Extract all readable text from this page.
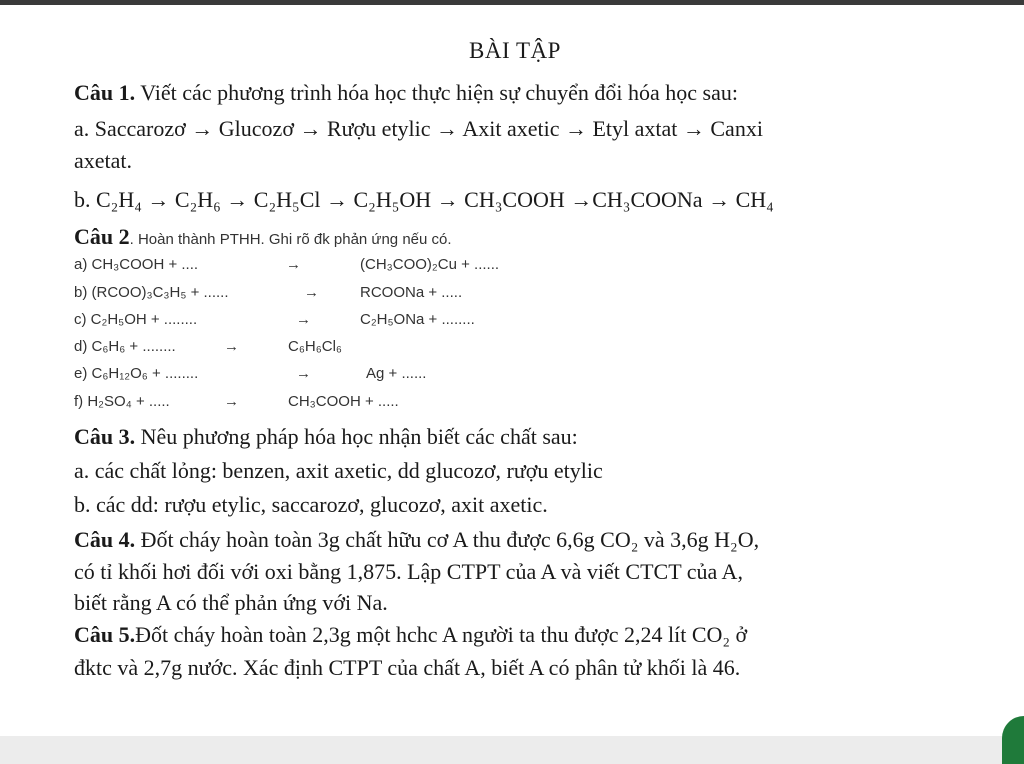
BÀI TẬP
Câu 1. Viết các phương trình hóa học thực hiện sự chuyển đổi hóa học sau:
a. Saccarozơ → Glucozơ → Rượu etylic → Axit axetic → Etyl axtat → Canxi
axetat.
b. C₂H₄ → C₂H₆ → C₂H₅Cl → C₂H₅OH → CH₃COOH →CH₃COONa → CH₄
Câu 2. Hoàn thành PTHH. Ghi rõ đk phản ứng nếu có.
a) CH₃COOH + ....	→	(CH₃COO)₂Cu + ......
b) (RCOO)₃C₃H₅ + ......	→	RCOONa + .....
c) C₂H₅OH + ........	→	C₂H₅ONa + ........
d) C₆H₆ + ........	→	C₆H₆Cl₆
e) C₆H₁₂O₆ + ........	→	Ag + ......
f) H₂SO₄ + .....	→	CH₃COOH + .....
Câu 3. Nêu phương pháp hóa học nhận biết các chất sau:
a. các chất lỏng: benzen, axit axetic, dd glucozơ, rượu etylic
b. các dd: rượu etylic, saccarozơ, glucozơ, axit axetic.
Câu 4. Đốt cháy hoàn toàn 3g chất hữu cơ A thu được 6,6g CO₂ và 3,6g H₂O,
có tỉ khối hơi đối với oxi bằng 1,875. Lập CTPT của A và viết CTCT của A,
biết rằng A có thể phản ứng với Na.
Câu 5.Đốt cháy hoàn toàn 2,3g một hchc A người ta thu được 2,24 lít CO₂ ở
đktc và 2,7g nước. Xác định CTPT của chất A, biết A có phân tử khối là 46.
